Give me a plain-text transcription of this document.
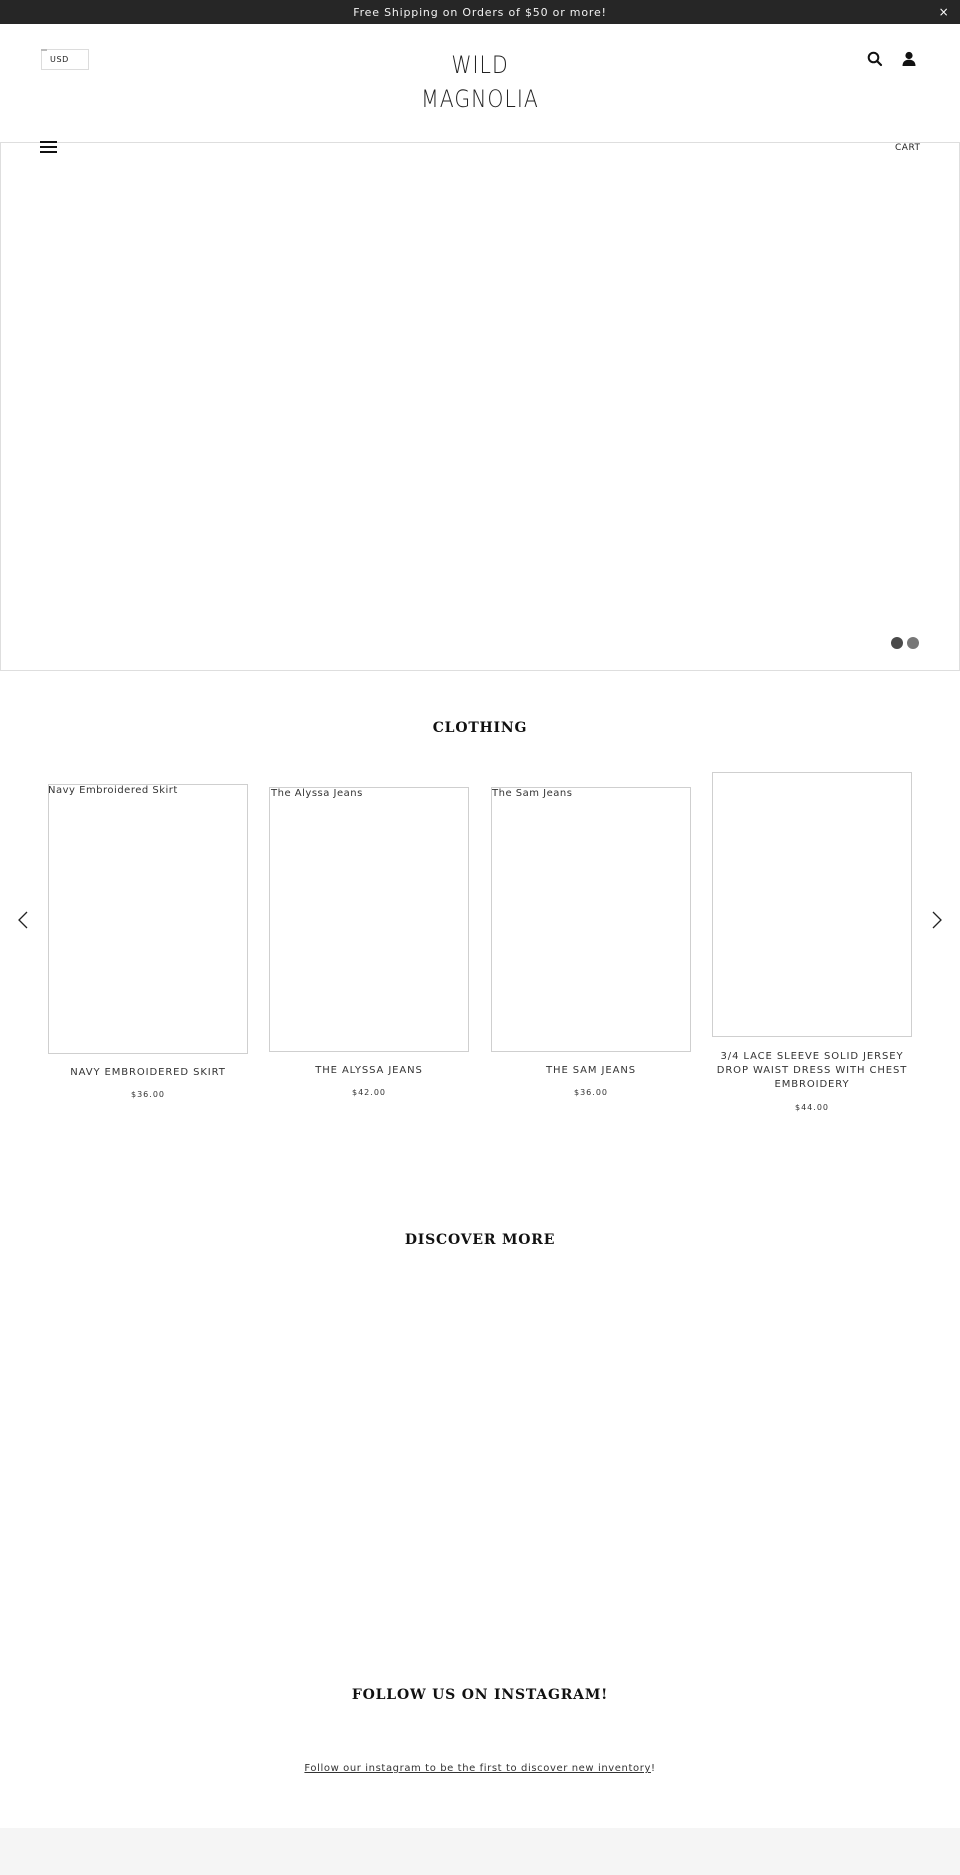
Free Shipping on Orders of $50 or more!	×
USD	WILD
MAGNOLIA
CART
CLOTHING
Navy Embroidered Skirt
NAVY EMBROIDERED SKIRT
$36.00
The Alyssa Jeans
THE ALYSSA JEANS
$42.00
The Sam Jeans
THE SAM JEANS
$36.00
3/4 LACE SLEEVE SOLID JERSEY DROP WAIST DRESS WITH CHEST EMBROIDERY
$44.00
DISCOVER MORE
FOLLOW US ON INSTAGRAM!
Follow our instagram to be the first to discover new inventory!
